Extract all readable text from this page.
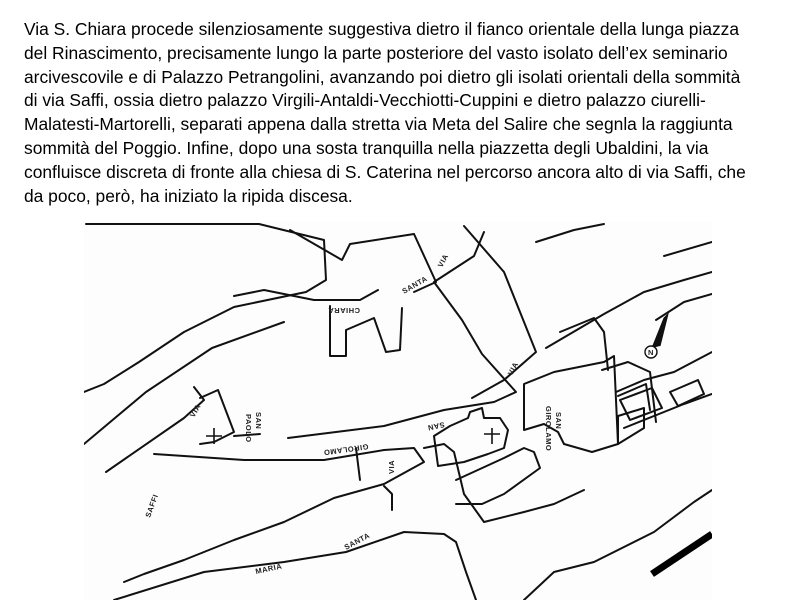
Via S. Chiara procede silenziosamente suggestiva dietro il fianco orientale della lunga piazza
del Rinascimento, precisamente lungo la parte posteriore del vasto isolato dell’ex seminario
arcivescovile e di Palazzo Petrangolini, avanzando poi dietro gli isolati orientali della sommità
di via Saffi, ossia dietro palazzo Virgili-Antaldi-Vecchiotti-Cuppini e dietro palazzo ciurelli-
Malatesti-Martorelli, separati appena dalla stretta via Meta del Salire che segnla la raggiunta
sommità del Poggio. Infine, dopo una sosta tranquilla nella piazzetta degli Ubaldini, la via
confluisce discreta di fronte alla chiesa di S. Caterina nel percorso ancora alto di via Saffi, che
da poco, però, ha iniziato la ripida discesa.
N
VIA
SANTA
CHIARA
VIA
SAFFI
SAN
PAOLO
GIROLAMO
SAN
VIA
SAN
GIROLAMO
VIA
SANTA
MARIA
